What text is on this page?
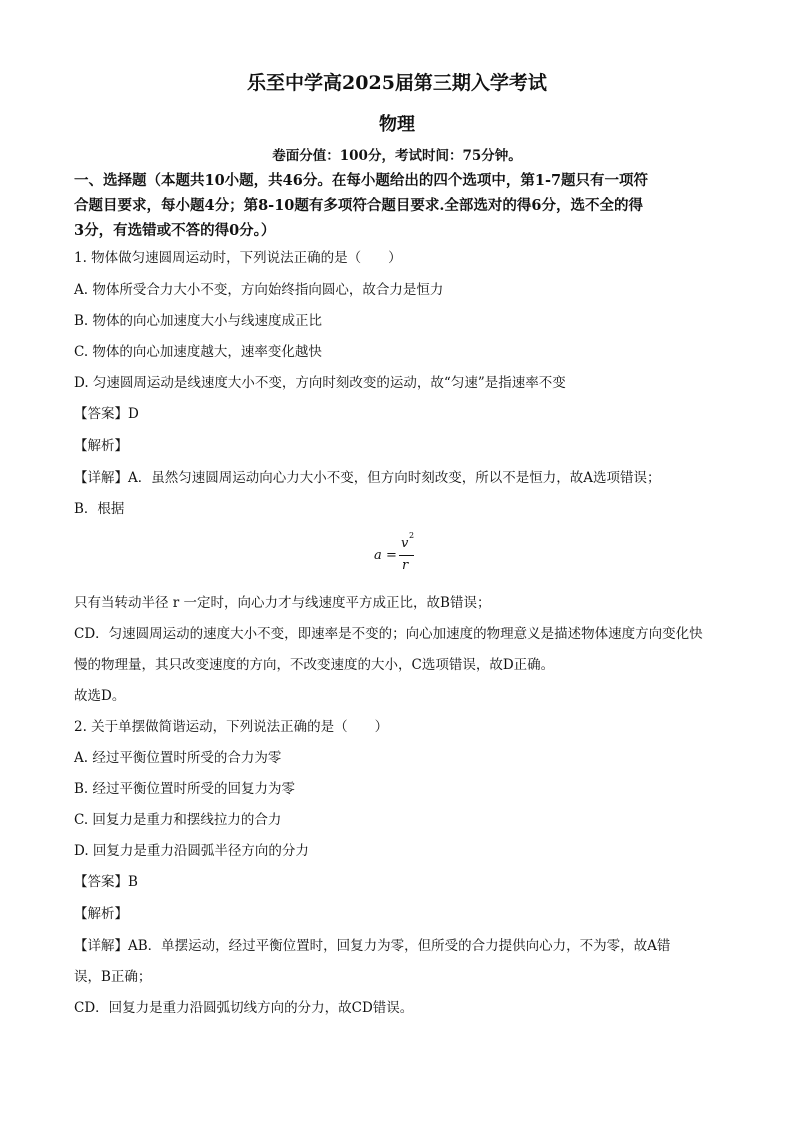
乐至中学高2025届第三期入学考试
物理
卷面分值：100分，考试时间：75分钟。
一、选择题（本题共10小题，共46分。在每小题给出的四个选项中，第1-7题只有一项符
合题目要求，每小题4分；第8-10题有多项符合题目要求.全部选对的得6分，选不全的得
3分，有选错或不答的得0分。）
1. 物体做匀速圆周运动时，下列说法正确的是（　　）
A. 物体所受合力大小不变，方向始终指向圆心，故合力是恒力
B. 物体的向心加速度大小与线速度成正比
C. 物体的向心加速度越大，速率变化越快
D. 匀速圆周运动是线速度大小不变，方向时刻改变的运动，故“匀速”是指速率不变
【答案】D
【解析】
【详解】A．虽然匀速圆周运动向心力大小不变，但方向时刻改变，所以不是恒力，故A选项错误；
B．根据
a =
v
2
r
只有当转动半径 r 一定时，向心力才与线速度平方成正比，故B错误；
CD．匀速圆周运动的速度大小不变，即速率是不变的；向心加速度的物理意义是描述物体速度方向变化快
慢的物理量，其只改变速度的方向，不改变速度的大小，C选项错误，故D正确。
故选D。
2. 关于单摆做简谐运动，下列说法正确的是（　　）
A. 经过平衡位置时所受的合力为零
B. 经过平衡位置时所受的回复力为零
C. 回复力是重力和摆线拉力的合力
D. 回复力是重力沿圆弧半径方向的分力
【答案】B
【解析】
【详解】AB．单摆运动，经过平衡位置时，回复力为零，但所受的合力提供向心力，不为零，故A错
误，B正确；
CD．回复力是重力沿圆弧切线方向的分力，故CD错误。
